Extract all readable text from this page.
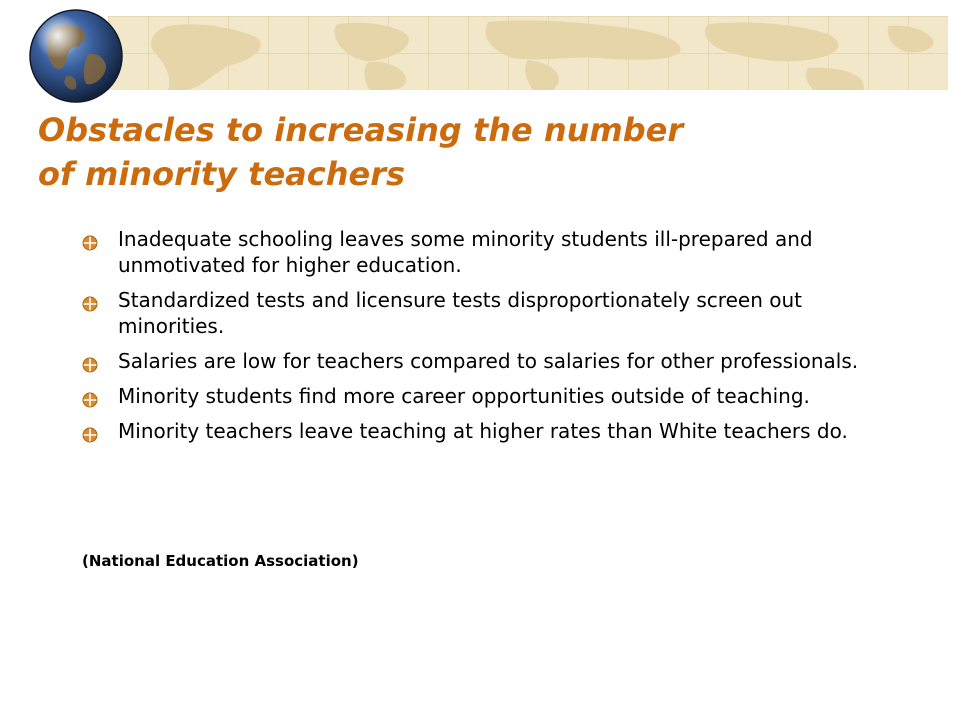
Obstacles to increasing the number
of minority teachers
Inadequate schooling leaves some minority students ill-prepared and unmotivated for higher education.
Standardized tests and licensure tests disproportionately screen out minorities.
Salaries are low for teachers compared to salaries for other professionals.
Minority students find more career opportunities outside of teaching.
Minority teachers leave teaching at higher rates than White teachers do.
(National Education Association)
